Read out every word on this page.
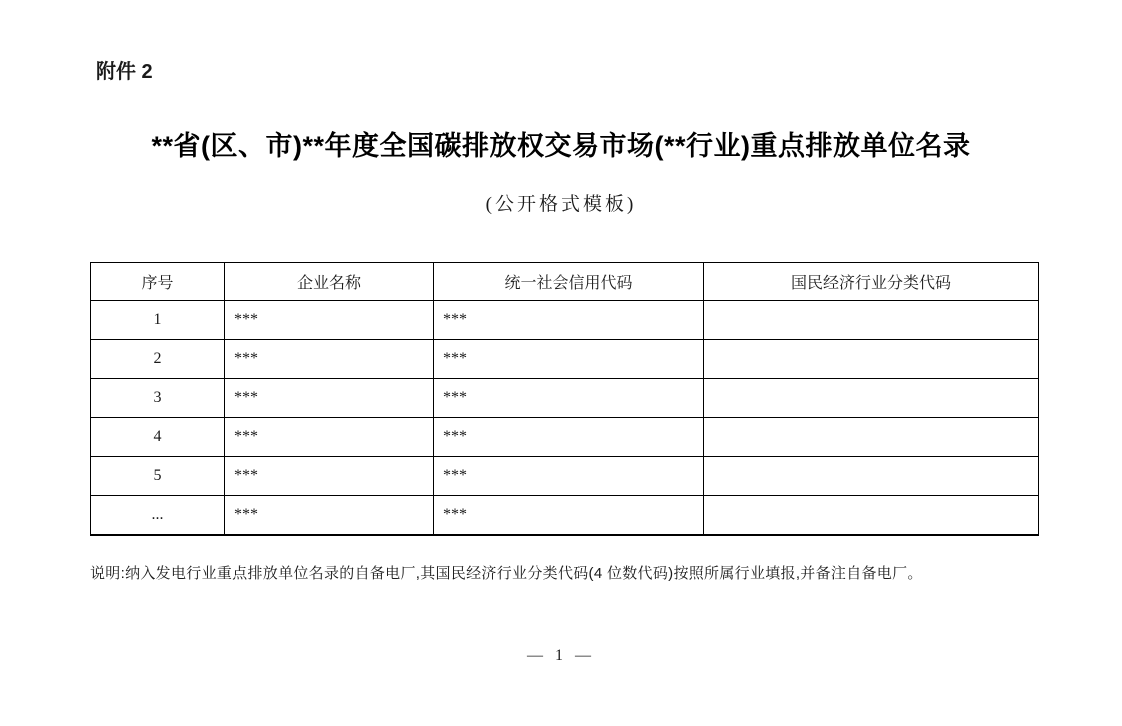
附件 2
**省(区、市)**年度全国碳排放权交易市场(**行业)重点排放单位名录
(公开格式模板)
序号	企业名称	统一社会信用代码	国民经济行业分类代码
1	***	***	
2	***	***	
3	***	***	
4	***	***	
5	***	***	
...	***	***	
说明:纳入发电行业重点排放单位名录的自备电厂,其国民经济行业分类代码(4 位数代码)按照所属行业填报,并备注自备电厂。
— 1 —
